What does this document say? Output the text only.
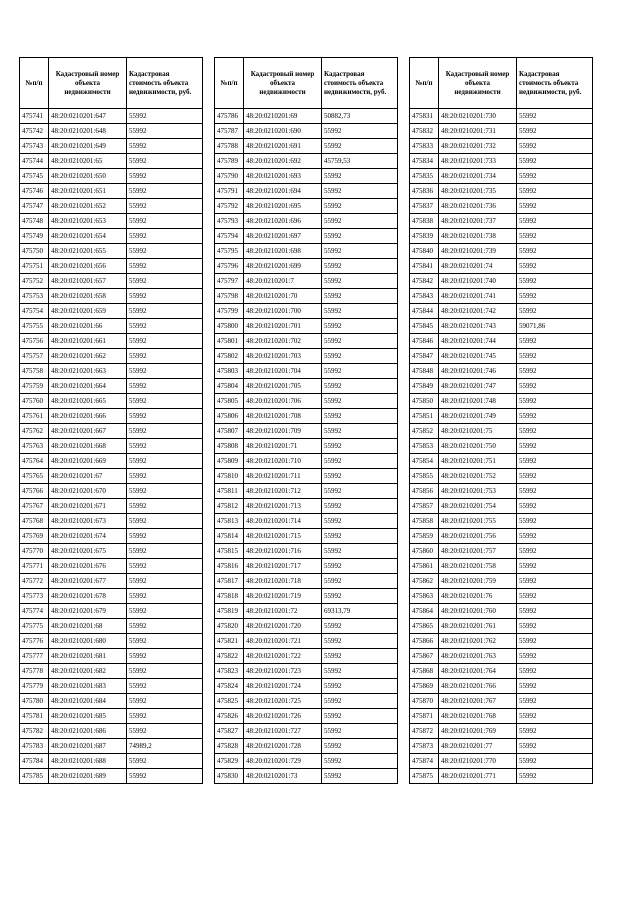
№п/п	Кадастровый номер объекта недвижимости	Кадастровая стоимость объекта недвижимости, руб.
475741	48:20:0210201:647	55992
475742	48:20:0210201:648	55992
475743	48:20:0210201:649	55992
475744	48:20:0210201:65	55992
475745	48:20:0210201:650	55992
475746	48:20:0210201:651	55992
475747	48:20:0210201:652	55992
475748	48:20:0210201:653	55992
475749	48:20:0210201:654	55992
475750	48:20:0210201:655	55992
475751	48:20:0210201:656	55992
475752	48:20:0210201:657	55992
475753	48:20:0210201:658	55992
475754	48:20:0210201:659	55992
475755	48:20:0210201:66	55992
475756	48:20:0210201:661	55992
475757	48:20:0210201:662	55992
475758	48:20:0210201:663	55992
475759	48:20:0210201:664	55992
475760	48:20:0210201:665	55992
475761	48:20:0210201:666	55992
475762	48:20:0210201:667	55992
475763	48:20:0210201:668	55992
475764	48:20:0210201:669	55992
475765	48:20:0210201:67	55992
475766	48:20:0210201:670	55992
475767	48:20:0210201:671	55992
475768	48:20:0210201:673	55992
475769	48:20:0210201:674	55992
475770	48:20:0210201:675	55992
475771	48:20:0210201:676	55992
475772	48:20:0210201:677	55992
475773	48:20:0210201:678	55992
475774	48:20:0210201:679	55992
475775	48:20:0210201:68	55992
475776	48:20:0210201:680	55992
475777	48:20:0210201:681	55992
475778	48:20:0210201:682	55992
475779	48:20:0210201:683	55992
475780	48:20:0210201:684	55992
475781	48:20:0210201:685	55992
475782	48:20:0210201:686	55992
475783	48:20:0210201:687	74989,2
475784	48:20:0210201:688	55992
475785	48:20:0210201:689	55992
№п/п	Кадастровый номер объекта недвижимости	Кадастровая стоимость объекта недвижимости, руб.
475786	48:20:0210201:69	50882,73
475787	48:20:0210201:690	55992
475788	48:20:0210201:691	55992
475789	48:20:0210201:692	45759,53
475790	48:20:0210201:693	55992
475791	48:20:0210201:694	55992
475792	48:20:0210201:695	55992
475793	48:20:0210201:696	55992
475794	48:20:0210201:697	55992
475795	48:20:0210201:698	55992
475796	48:20:0210201:699	55992
475797	48:20:0210201:7	55992
475798	48:20:0210201:70	55992
475799	48:20:0210201:700	55992
475800	48:20:0210201:701	55992
475801	48:20:0210201:702	55992
475802	48:20:0210201:703	55992
475803	48:20:0210201:704	55992
475804	48:20:0210201:705	55992
475805	48:20:0210201:706	55992
475806	48:20:0210201:708	55992
475807	48:20:0210201:709	55992
475808	48:20:0210201:71	55992
475809	48:20:0210201:710	55992
475810	48:20:0210201:711	55992
475811	48:20:0210201:712	55992
475812	48:20:0210201:713	55992
475813	48:20:0210201:714	55992
475814	48:20:0210201:715	55992
475815	48:20:0210201:716	55992
475816	48:20:0210201:717	55992
475817	48:20:0210201:718	55992
475818	48:20:0210201:719	55992
475819	48:20:0210201:72	69313,79
475820	48:20:0210201:720	55992
475821	48:20:0210201:721	55992
475822	48:20:0210201:722	55992
475823	48:20:0210201:723	55992
475824	48:20:0210201:724	55992
475825	48:20:0210201:725	55992
475826	48:20:0210201:726	55992
475827	48:20:0210201:727	55992
475828	48:20:0210201:728	55992
475829	48:20:0210201:729	55992
475830	48:20:0210201:73	55992
№п/п	Кадастровый номер объекта недвижимости	Кадастровая стоимость объекта недвижимости, руб.
475831	48:20:0210201:730	55992
475832	48:20:0210201:731	55992
475833	48:20:0210201:732	55992
475834	48:20:0210201:733	55992
475835	48:20:0210201:734	55992
475836	48:20:0210201:735	55992
475837	48:20:0210201:736	55992
475838	48:20:0210201:737	55992
475839	48:20:0210201:738	55992
475840	48:20:0210201:739	55992
475841	48:20:0210201:74	55992
475842	48:20:0210201:740	55992
475843	48:20:0210201:741	55992
475844	48:20:0210201:742	55992
475845	48:20:0210201:743	59071,86
475846	48:20:0210201:744	55992
475847	48:20:0210201:745	55992
475848	48:20:0210201:746	55992
475849	48:20:0210201:747	55992
475850	48:20:0210201:748	55992
475851	48:20:0210201:749	55992
475852	48:20:0210201:75	55992
475853	48:20:0210201:750	55992
475854	48:20:0210201:751	55992
475855	48:20:0210201:752	55992
475856	48:20:0210201:753	55992
475857	48:20:0210201:754	55992
475858	48:20:0210201:755	55992
475859	48:20:0210201:756	55992
475860	48:20:0210201:757	55992
475861	48:20:0210201:758	55992
475862	48:20:0210201:759	55992
475863	48:20:0210201:76	55992
475864	48:20:0210201:760	55992
475865	48:20:0210201:761	55992
475866	48:20:0210201:762	55992
475867	48:20:0210201:763	55992
475868	48:20:0210201:764	55992
475869	48:20:0210201:766	55992
475870	48:20:0210201:767	55992
475871	48:20:0210201:768	55992
475872	48:20:0210201:769	55992
475873	48:20:0210201:77	55992
475874	48:20:0210201:770	55992
475875	48:20:0210201:771	55992
